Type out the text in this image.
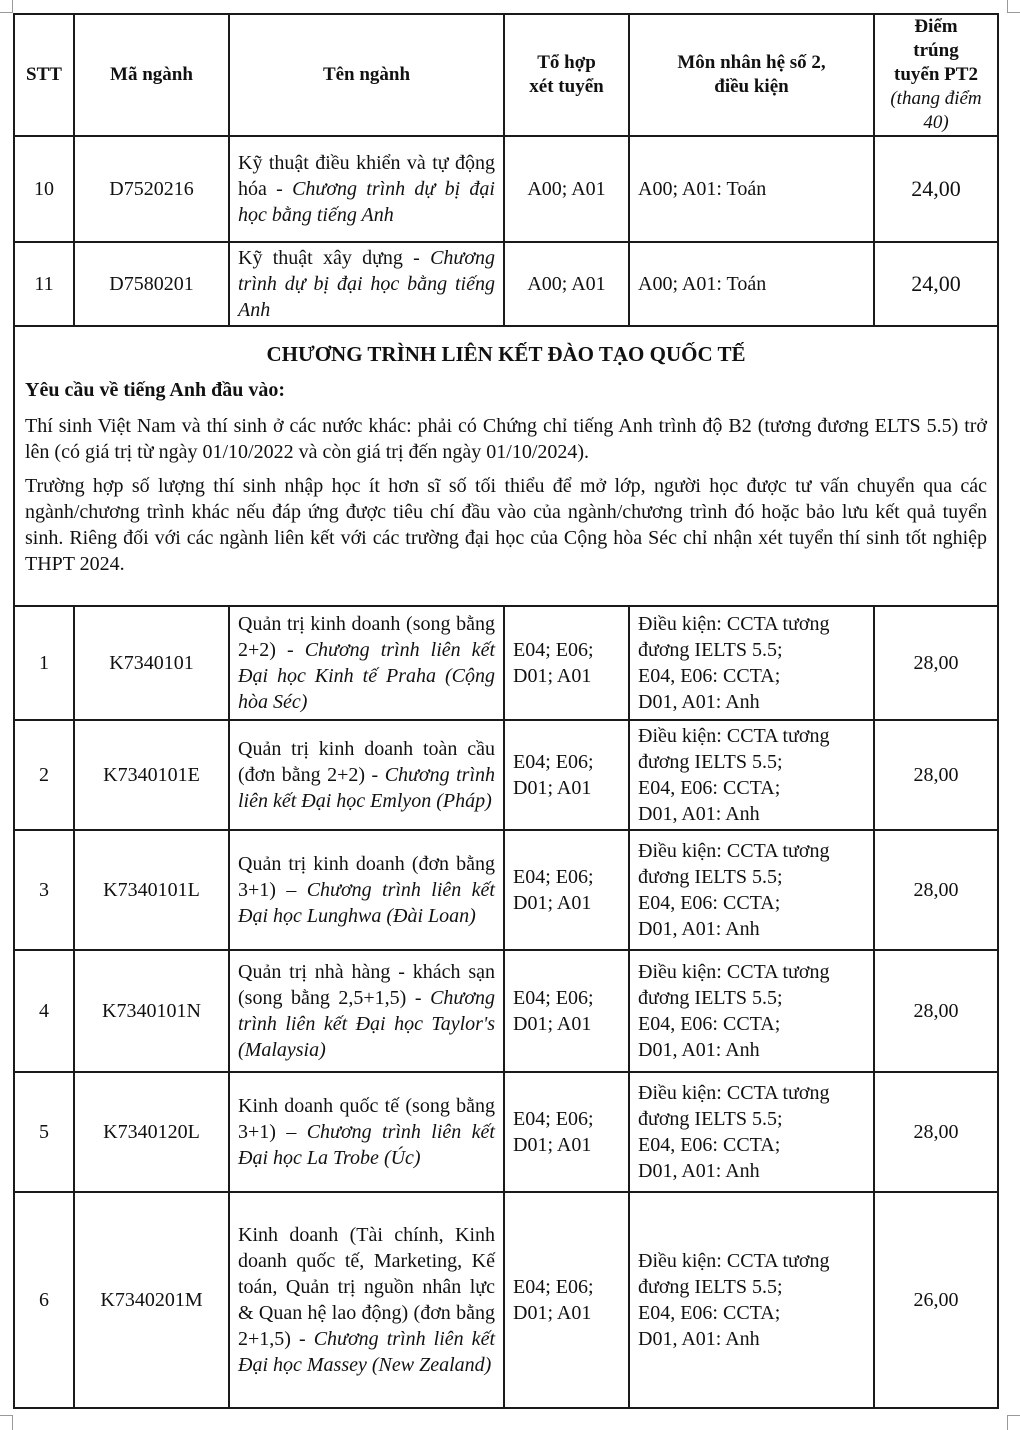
STT	Mã ngành	Tên ngành	Tổ hợp
xét tuyển	Môn nhân hệ số 2,
điều kiện	Điểm
trúng
tuyển PT2
(thang điểm 40)
10	D7520216	Kỹ thuật điều khiển và tự động hóa - Chương trình dự bị đại học bằng tiếng Anh	A00; A01	A00; A01: Toán	24,00
11	D7580201	Kỹ thuật xây dựng - Chương trình dự bị đại học bằng tiếng Anh	A00; A01	A00; A01: Toán	24,00

CHƯƠNG TRÌNH LIÊN KẾT ĐÀO TẠO QUỐC TẾ
Yêu cầu về tiếng Anh đầu vào:

Thí sinh Việt Nam và thí sinh ở các nước khác: phải có Chứng chỉ tiếng Anh trình độ B2 (tương đương ELTS 5.5) trở lên (có giá trị từ ngày 01/10/2022 và còn giá trị đến ngày 01/10/2024).

Trường hợp số lượng thí sinh nhập học ít hơn sĩ số tối thiểu để mở lớp, người học được tư vấn chuyển qua các ngành/chương trình khác nếu đáp ứng được tiêu chí đầu vào của ngành/chương trình đó hoặc bảo lưu kết quả tuyển sinh. Riêng đối với các ngành liên kết với các trường đại học của Cộng hòa Séc chỉ nhận xét tuyển thí sinh tốt nghiệp THPT 2024.					

1	K7340101	Quản trị kinh doanh (song bằng 2+2) - Chương trình liên kết Đại học Kinh tế Praha (Cộng hòa Séc)	E04; E06;
D01; A01	Điều kiện: CCTA tương
đương IELTS 5.5;
E04, E06: CCTA;
D01, A01: Anh	28,00
2	K7340101E	Quản trị kinh doanh toàn cầu (đơn bằng 2+2) - Chương trình liên kết Đại học Emlyon (Pháp)	E04; E06;
D01; A01	Điều kiện: CCTA tương
đương IELTS 5.5;
E04, E06: CCTA;
D01, A01: Anh	28,00
3	K7340101L	Quản trị kinh doanh (đơn bằng 3+1) – Chương trình liên kết Đại học Lunghwa (Đài Loan)	E04; E06;
D01; A01	Điều kiện: CCTA tương
đương IELTS 5.5;
E04, E06: CCTA;
D01, A01: Anh	28,00
4	K7340101N	Quản trị nhà hàng - khách sạn (song bằng 2,5+1,5) - Chương trình liên kết Đại học Taylor's (Malaysia)	E04; E06;
D01; A01	Điều kiện: CCTA tương
đương IELTS 5.5;
E04, E06: CCTA;
D01, A01: Anh	28,00
5	K7340120L	Kinh doanh quốc tế (song bằng 3+1) – Chương trình liên kết Đại học La Trobe (Úc)	E04; E06;
D01; A01	Điều kiện: CCTA tương
đương IELTS 5.5;
E04, E06: CCTA;
D01, A01: Anh	28,00
6	K7340201M	Kinh doanh (Tài chính, Kinh doanh quốc tế, Marketing, Kế toán, Quản trị nguồn nhân lực & Quan hệ lao động) (đơn bằng 2+1,5) - Chương trình liên kết Đại học Massey (New Zealand)	E04; E06;
D01; A01	Điều kiện: CCTA tương
đương IELTS 5.5;
E04, E06: CCTA;
D01, A01: Anh	26,00
